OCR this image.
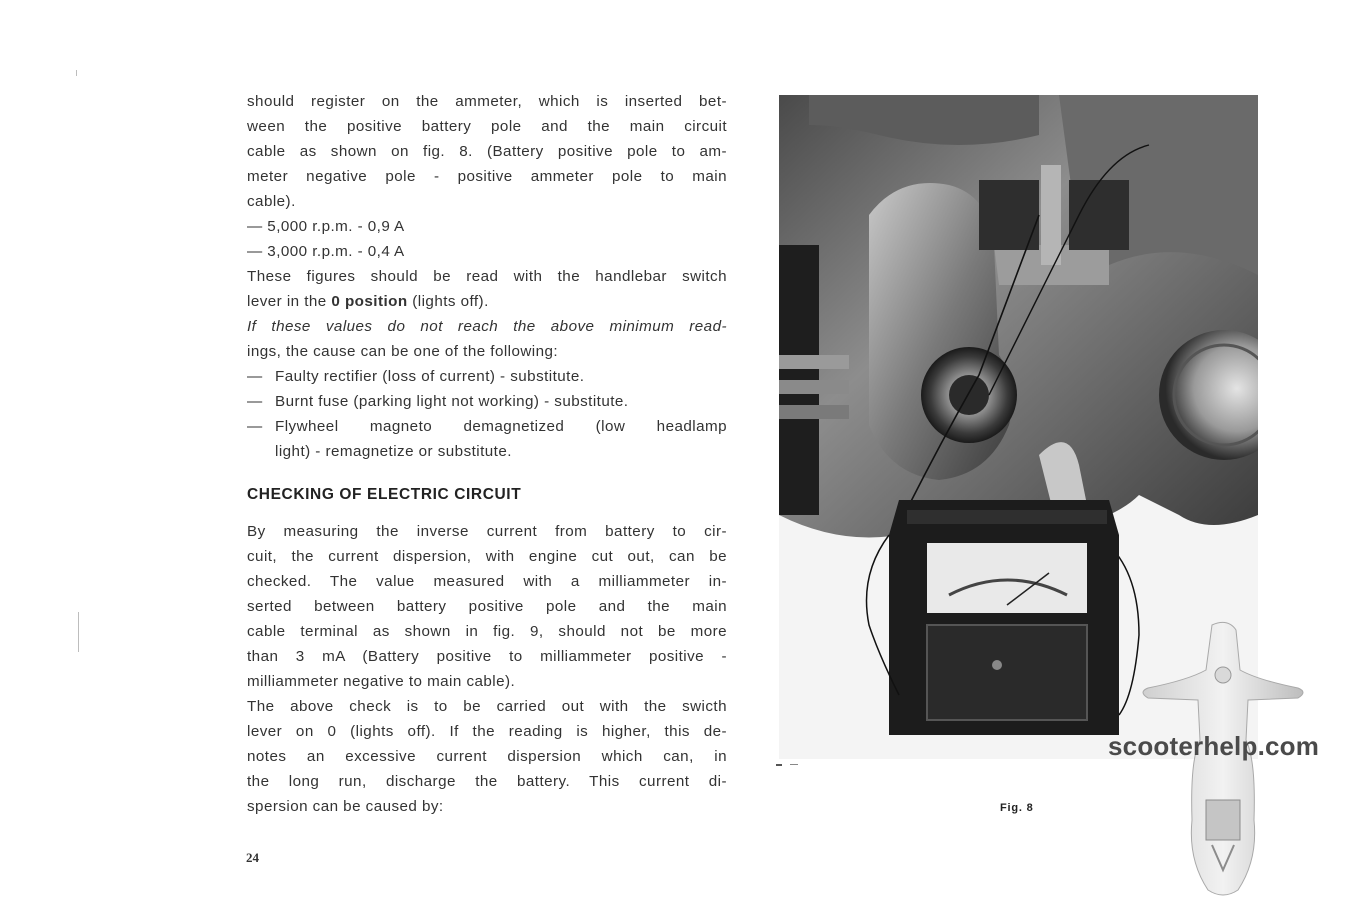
should register on the ammeter, which is inserted bet-
ween the positive battery pole and the main circuit
cable as shown on fig. 8. (Battery positive pole to am-
meter negative pole - positive ammeter pole to main
cable).
— 5,000 r.p.m. - 0,9 A
— 3,000 r.p.m. - 0,4 A
These figures should be read with the handlebar switch
lever in the 0 position (lights off).
If these values do not reach the above minimum read-
ings, the cause can be one of the following:
— Faulty rectifier (loss of current) - substitute.
— Burnt fuse (parking light not working) - substitute.
— Flywheel magneto demagnetized (low headlamp
light) - remagnetize or substitute.
CHECKING OF ELECTRIC CIRCUIT
By measuring the inverse current from battery to cir-
cuit, the current dispersion, with engine cut out, can be
checked. The value measured with a milliammeter in-
serted between battery positive pole and the main
cable terminal as shown in fig. 9, should not be more
than 3 mA (Battery positive to milliammeter positive -
milliammeter negative to main cable).
The above check is to be carried out with the swicth
lever on 0 (lights off). If the reading is higher, this de-
notes an excessive current dispersion which can, in
the long run, discharge the battery. This current di-
spersion can be caused by:
24
Fig. 8
scooterhelp.com
